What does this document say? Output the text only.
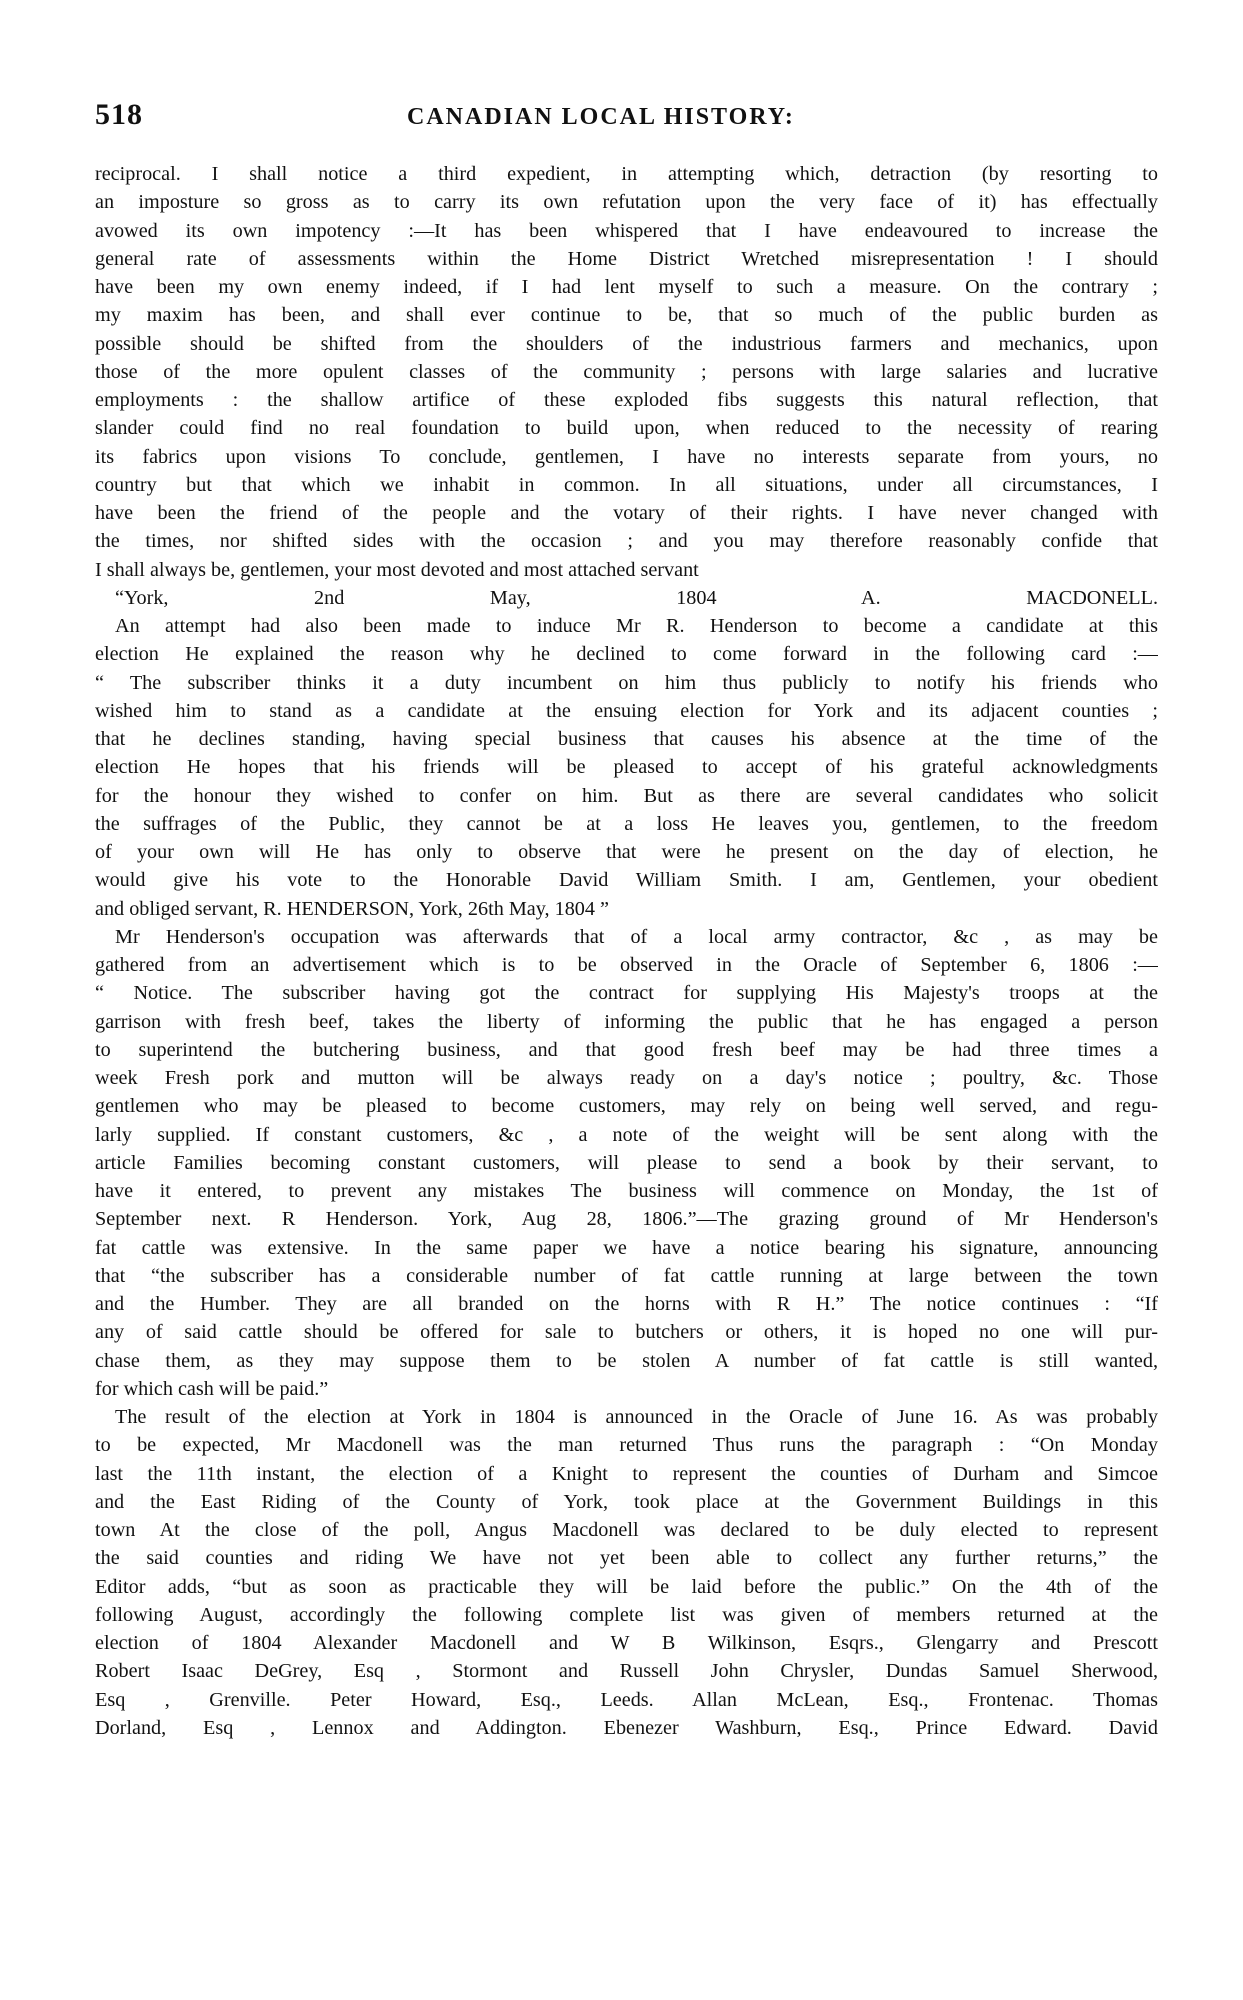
518	CANADIAN LOCAL HISTORY:
reciprocal. I shall notice a third expedient, in attempting which, detraction (by resorting to
an imposture so gross as to carry its own refutation upon the very face of it) has effectually
avowed its own impotency :—It has been whispered that I have endeavoured to increase the
general rate of assessments within the Home District Wretched misrepresentation ! I should
have been my own enemy indeed, if I had lent myself to such a measure. On the contrary ;
my maxim has been, and shall ever continue to be, that so much of the public burden as
possible should be shifted from the shoulders of the industrious farmers and mechanics, upon
those of the more opulent classes of the community ; persons with large salaries and lucrative
employments : the shallow artifice of these exploded fibs suggests this natural reflection, that
slander could find no real foundation to build upon, when reduced to the necessity of rearing
its fabrics upon visions To conclude, gentlemen, I have no interests separate from yours, no
country but that which we inhabit in common. In all situations, under all circumstances, I
have been the friend of the people and the votary of their rights. I have never changed with
the times, nor shifted sides with the occasion ; and you may therefore reasonably confide that
I shall always be, gentlemen, your most devoted and most attached servant
“York, 2nd May, 1804 A. MACDONELL.
An attempt had also been made to induce Mr R. Henderson to become a candidate at this
election He explained the reason why he declined to come forward in the following card :—
“ The subscriber thinks it a duty incumbent on him thus publicly to notify his friends who
wished him to stand as a candidate at the ensuing election for York and its adjacent counties ;
that he declines standing, having special business that causes his absence at the time of the
election He hopes that his friends will be pleased to accept of his grateful acknowledgments
for the honour they wished to confer on him. But as there are several candidates who solicit
the suffrages of the Public, they cannot be at a loss He leaves you, gentlemen, to the freedom
of your own will He has only to observe that were he present on the day of election, he
would give his vote to the Honorable David William Smith. I am, Gentlemen, your obedient
and obliged servant, R. HENDERSON, York, 26th May, 1804 ”
Mr Henderson's occupation was afterwards that of a local army contractor, &c , as may be
gathered from an advertisement which is to be observed in the Oracle of September 6, 1806 :—
“ Notice. The subscriber having got the contract for supplying His Majesty's troops at the
garrison with fresh beef, takes the liberty of informing the public that he has engaged a person
to superintend the butchering business, and that good fresh beef may be had three times a
week Fresh pork and mutton will be always ready on a day's notice ; poultry, &c. Those
gentlemen who may be pleased to become customers, may rely on being well served, and regu-
larly supplied. If constant customers, &c , a note of the weight will be sent along with the
article Families becoming constant customers, will please to send a book by their servant, to
have it entered, to prevent any mistakes The business will commence on Monday, the 1st of
September next. R Henderson. York, Aug 28, 1806.”—The grazing ground of Mr Henderson's
fat cattle was extensive. In the same paper we have a notice bearing his signature, announcing
that “the subscriber has a considerable number of fat cattle running at large between the town
and the Humber. They are all branded on the horns with R H.” The notice continues : “If
any of said cattle should be offered for sale to butchers or others, it is hoped no one will pur-
chase them, as they may suppose them to be stolen A number of fat cattle is still wanted,
for which cash will be paid.”
The result of the election at York in 1804 is announced in the Oracle of June 16. As was probably
to be expected, Mr Macdonell was the man returned Thus runs the paragraph : “On Monday
last the 11th instant, the election of a Knight to represent the counties of Durham and Simcoe
and the East Riding of the County of York, took place at the Government Buildings in this
town At the close of the poll, Angus Macdonell was declared to be duly elected to represent
the said counties and riding We have not yet been able to collect any further returns,” the
Editor adds, “but as soon as practicable they will be laid before the public.” On the 4th of the
following August, accordingly the following complete list was given of members returned at the
election of 1804 Alexander Macdonell and W B Wilkinson, Esqrs., Glengarry and Prescott
Robert Isaac DeGrey, Esq , Stormont and Russell John Chrysler, Dundas Samuel Sherwood,
Esq , Grenville. Peter Howard, Esq., Leeds. Allan McLean, Esq., Frontenac. Thomas
Dorland, Esq , Lennox and Addington. Ebenezer Washburn, Esq., Prince Edward. David
